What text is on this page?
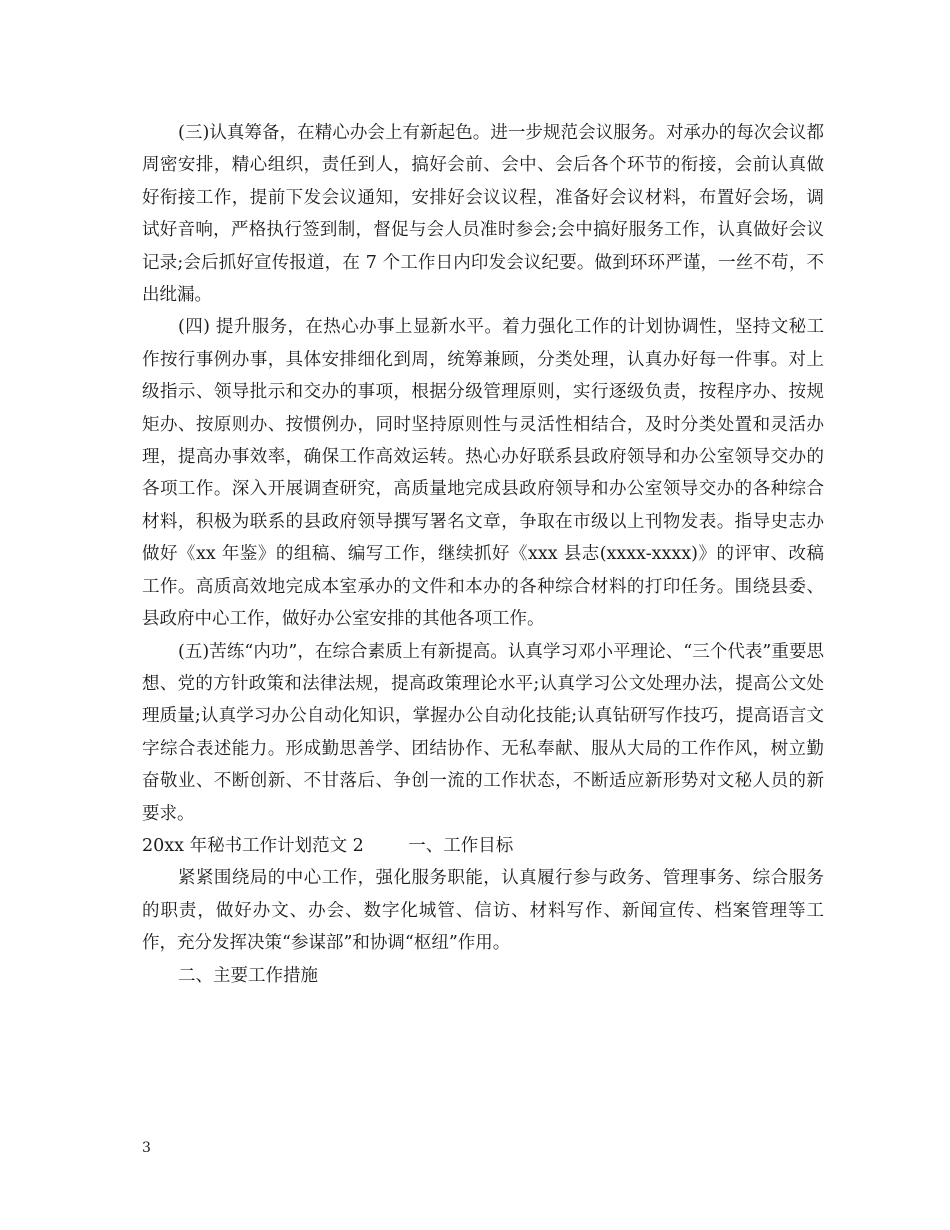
(三)认真筹备，在精心办会上有新起色。进一步规范会议服务。对承办的每次会议都周密安排，精心组织，责任到人，搞好会前、会中、会后各个环节的衔接，会前认真做好衔接工作，提前下发会议通知，安排好会议议程，准备好会议材料，布置好会场，调试好音响，严格执行签到制，督促与会人员准时参会;会中搞好服务工作，认真做好会议记录;会后抓好宣传报道，在 7 个工作日内印发会议纪要。做到环环严谨，一丝不苟，不出纰漏。

(四) 提升服务，在热心办事上显新水平。着力强化工作的计划协调性，坚持文秘工作按行事例办事，具体安排细化到周，统筹兼顾，分类处理，认真办好每一件事。对上级指示、领导批示和交办的事项，根据分级管理原则，实行逐级负责，按程序办、按规矩办、按原则办、按惯例办，同时坚持原则性与灵活性相结合，及时分类处置和灵活办理，提高办事效率，确保工作高效运转。热心办好联系县政府领导和办公室领导交办的各项工作。深入开展调查研究，高质量地完成县政府领导和办公室领导交办的各种综合材料，积极为联系的县政府领导撰写署名文章，争取在市级以上刊物发表。指导史志办做好《xx 年鉴》的组稿、编写工作，继续抓好《xxx 县志(xxxx-xxxx)》的评审、改稿工作。高质高效地完成本室承办的文件和本办的各种综合材料的打印任务。围绕县委、县政府中心工作，做好办公室安排的其他各项工作。

(五)苦练“内功”，在综合素质上有新提高。认真学习邓小平理论、“三个代表”重要思想、党的方针政策和法律法规，提高政策理论水平;认真学习公文处理办法，提高公文处理质量;认真学习办公自动化知识，掌握办公自动化技能;认真钻研写作技巧，提高语言文字综合表述能力。形成勤思善学、团结协作、无私奉献、服从大局的工作作风，树立勤奋敬业、不断创新、不甘落后、争创一流的工作状态，不断适应新形势对文秘人员的新要求。

20xx 年秘书工作计划范文 2	一、工作目标

紧紧围绕局的中心工作，强化服务职能，认真履行参与政务、管理事务、综合服务的职责，做好办文、办会、数字化城管、信访、材料写作、新闻宣传、档案管理等工作，充分发挥决策“参谋部”和协调“枢纽”作用。

二、主要工作措施

3
